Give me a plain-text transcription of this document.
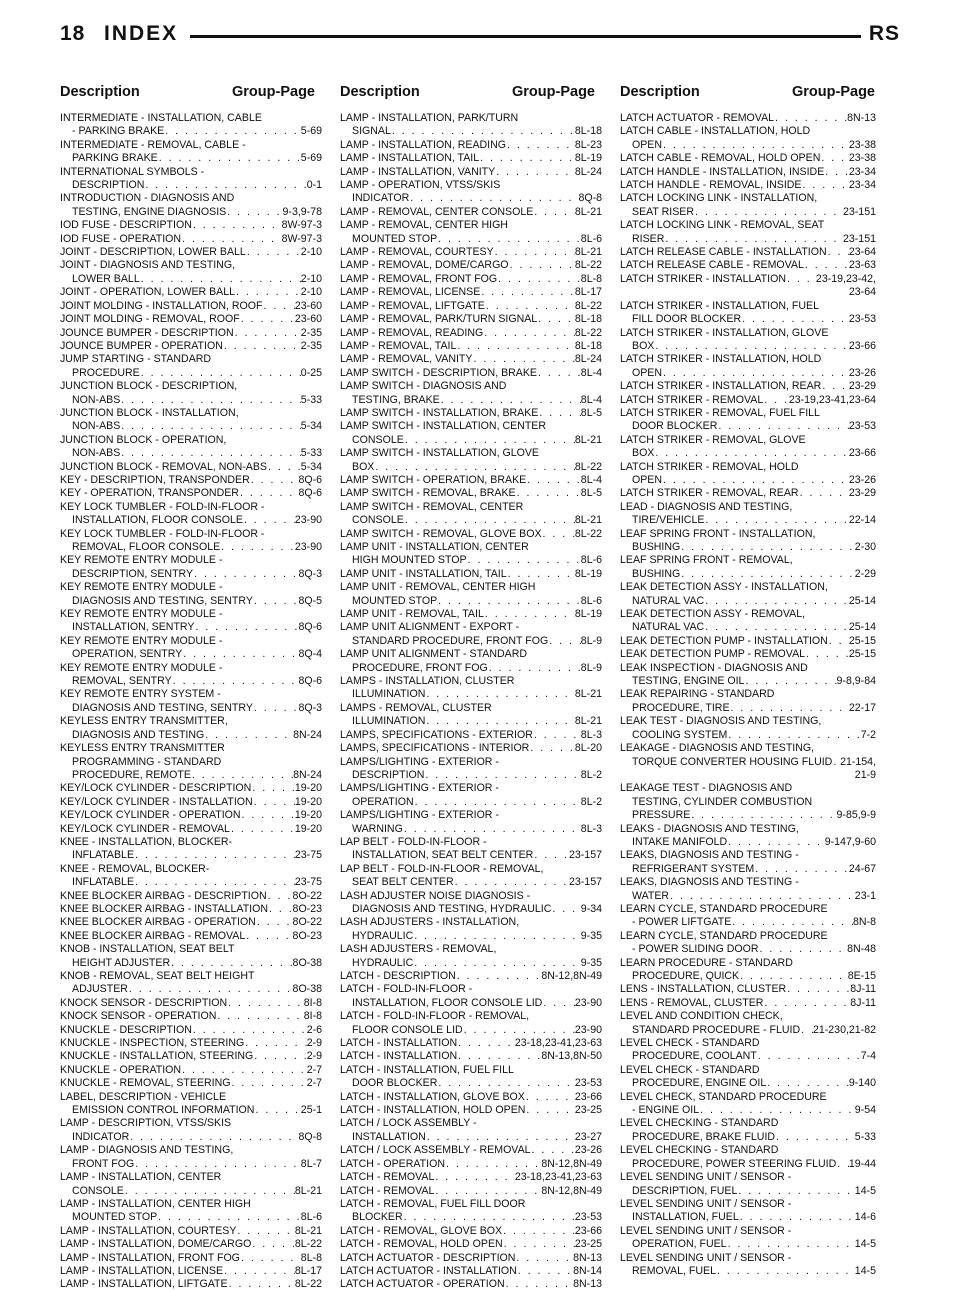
18 INDEX	RS
Description	Group-Page Description	Group-Page Description	Group-Page
INTERMEDIATE - INSTALLATION, CABLE
- PARKING BRAKE . . .	5-69
INTERMEDIATE - REMOVAL, CABLE -
PARKING BRAKE . . .	5-69
INTERNATIONAL SYMBOLS -
DESCRIPTION . . .	0-1
INTRODUCTION - DIAGNOSIS AND
TESTING, ENGINE DIAGNOSIS . . .	9-3,9-78
IOD FUSE - DESCRIPTION . . .	8W-97-3
IOD FUSE - OPERATION . . .	8W-97-3
JOINT - DESCRIPTION, LOWER BALL . . .	2-10
JOINT - DIAGNOSIS AND TESTING,
LOWER BALL . . .	2-10
JOINT - OPERATION, LOWER BALL . . .	2-10
JOINT MOLDING - INSTALLATION, ROOF . . .	23-60
JOINT MOLDING - REMOVAL, ROOF . . .	23-60
JOUNCE BUMPER - DESCRIPTION . . .	2-35
JOUNCE BUMPER - OPERATION . . .	2-35
JUMP STARTING - STANDARD
PROCEDURE . . .	0-25
JUNCTION BLOCK - DESCRIPTION,
NON-ABS . . .	5-33
JUNCTION BLOCK - INSTALLATION,
NON-ABS . . .	5-34
JUNCTION BLOCK - OPERATION,
NON-ABS . . .	5-33
JUNCTION BLOCK - REMOVAL, NON-ABS . . .	5-34
KEY - DESCRIPTION, TRANSPONDER . . .	8Q-6
KEY - OPERATION, TRANSPONDER . . .	8Q-6
KEY LOCK TUMBLER - FOLD-IN-FLOOR -
INSTALLATION, FLOOR CONSOLE . . .	23-90
KEY LOCK TUMBLER - FOLD-IN-FLOOR -
REMOVAL, FLOOR CONSOLE . . .	23-90
KEY REMOTE ENTRY MODULE -
DESCRIPTION, SENTRY . . .	8Q-3
KEY REMOTE ENTRY MODULE -
DIAGNOSIS AND TESTING, SENTRY . . .	8Q-5
KEY REMOTE ENTRY MODULE -
INSTALLATION, SENTRY . . .	8Q-6
KEY REMOTE ENTRY MODULE -
OPERATION, SENTRY . . .	8Q-4
KEY REMOTE ENTRY MODULE -
REMOVAL, SENTRY . . .	8Q-6
KEY REMOTE ENTRY SYSTEM -
DIAGNOSIS AND TESTING, SENTRY . . .	8Q-3
KEYLESS ENTRY TRANSMITTER,
DIAGNOSIS AND TESTING . . .	8N-24
KEYLESS ENTRY TRANSMITTER
PROGRAMMING - STANDARD
PROCEDURE, REMOTE . . .	8N-24
KEY/LOCK CYLINDER - DESCRIPTION . . .	19-20
KEY/LOCK CYLINDER - INSTALLATION . . .	19-20
KEY/LOCK CYLINDER - OPERATION . . .	19-20
KEY/LOCK CYLINDER - REMOVAL . . .	19-20
KNEE - INSTALLATION, BLOCKER-
INFLATABLE . . .	23-75
KNEE - REMOVAL, BLOCKER-
INFLATABLE . . .	23-75
KNEE BLOCKER AIRBAG - DESCRIPTION . . . 8O-22
KNEE BLOCKER AIRBAG - INSTALLATION . . . 8O-23
KNEE BLOCKER AIRBAG - OPERATION . . .	8O-22
KNEE BLOCKER AIRBAG - REMOVAL . . .	8O-23
KNOB - INSTALLATION, SEAT BELT
HEIGHT ADJUSTER . . .	8O-38
KNOB - REMOVAL, SEAT BELT HEIGHT
ADJUSTER . . .	8O-38
KNOCK SENSOR - DESCRIPTION . . .	8I-8
KNOCK SENSOR - OPERATION . . .	8I-8
KNUCKLE - DESCRIPTION . . .	2-6
KNUCKLE - INSPECTION, STEERING . . .	2-9
KNUCKLE - INSTALLATION, STEERING . . .	2-9
KNUCKLE - OPERATION . . .	2-7
KNUCKLE - REMOVAL, STEERING . . .	2-7
LABEL, DESCRIPTION - VEHICLE
EMISSION CONTROL INFORMATION . . .	25-1
LAMP - DESCRIPTION, VTSS/SKIS
INDICATOR . . .	8Q-8
LAMP - DIAGNOSIS AND TESTING,
FRONT FOG . . .	8L-7
LAMP - INSTALLATION, CENTER
CONSOLE . . .	8L-21
LAMP - INSTALLATION, CENTER HIGH
MOUNTED STOP . . .	8L-6
LAMP - INSTALLATION, COURTESY . . .	8L-21
LAMP - INSTALLATION, DOME/CARGO . . .	8L-22
LAMP - INSTALLATION, FRONT FOG . . .	8L-8
LAMP - INSTALLATION, LICENSE . . .	8L-17
LAMP - INSTALLATION, LIFTGATE . . .	8L-22
LAMP - INSTALLATION, PARK/TURN
SIGNAL . . .	8L-18
LAMP - INSTALLATION, READING . . .	8L-23
LAMP - INSTALLATION, TAIL . . .	8L-19
LAMP - INSTALLATION, VANITY . . .	8L-24
LAMP - OPERATION, VTSS/SKIS
INDICATOR . . .	8Q-8
LAMP - REMOVAL, CENTER CONSOLE . . .	8L-21
LAMP - REMOVAL, CENTER HIGH
MOUNTED STOP . . .	8L-6
LAMP - REMOVAL, COURTESY . . .	8L-21
LAMP - REMOVAL, DOME/CARGO . . .	8L-22
LAMP - REMOVAL, FRONT FOG . . .	8L-8
LAMP - REMOVAL, LICENSE . . .	8L-17
LAMP - REMOVAL, LIFTGATE . . .	8L-22
LAMP - REMOVAL, PARK/TURN SIGNAL . . .	8L-18
LAMP - REMOVAL, READING . . .	8L-22
LAMP - REMOVAL, TAIL . . .	8L-18
LAMP - REMOVAL, VANITY . . .	8L-24
LAMP SWITCH - DESCRIPTION, BRAKE . . .	8L-4
LAMP SWITCH - DIAGNOSIS AND
TESTING, BRAKE . . .	8L-4
LAMP SWITCH - INSTALLATION, BRAKE . . .	8L-5
LAMP SWITCH - INSTALLATION, CENTER
CONSOLE . . .	8L-21
LAMP SWITCH - INSTALLATION, GLOVE
BOX . . .	8L-22
LAMP SWITCH - OPERATION, BRAKE . . .	8L-4
LAMP SWITCH - REMOVAL, BRAKE . . .	8L-5
LAMP SWITCH - REMOVAL, CENTER
CONSOLE . . .	8L-21
LAMP SWITCH - REMOVAL, GLOVE BOX . . .	8L-22
LAMP UNIT - INSTALLATION, CENTER
HIGH MOUNTED STOP . . .	8L-6
LAMP UNIT - INSTALLATION, TAIL . . .	8L-19
LAMP UNIT - REMOVAL, CENTER HIGH
MOUNTED STOP . . .	8L-6
LAMP UNIT - REMOVAL, TAIL . . .	8L-19
LAMP UNIT ALIGNMENT - EXPORT -
STANDARD PROCEDURE, FRONT FOG . . .	8L-9
LAMP UNIT ALIGNMENT - STANDARD
PROCEDURE, FRONT FOG . . .	8L-9
LAMPS - INSTALLATION, CLUSTER
ILLUMINATION . . .	8L-21
LAMPS - REMOVAL, CLUSTER
ILLUMINATION . . .	8L-21
LAMPS, SPECIFICATIONS - EXTERIOR . . .	8L-3
LAMPS, SPECIFICATIONS - INTERIOR . . .	8L-20
LAMPS/LIGHTING - EXTERIOR -
DESCRIPTION . . .	8L-2
LAMPS/LIGHTING - EXTERIOR -
OPERATION . . .	8L-2
LAMPS/LIGHTING - EXTERIOR -
WARNING . . .	8L-3
LAP BELT - FOLD-IN-FLOOR -
INSTALLATION, SEAT BELT CENTER . . .	23-157
LAP BELT - FOLD-IN-FLOOR - REMOVAL,
SEAT BELT CENTER . . .	23-157
LASH ADJUSTER NOISE DIAGNOSIS -
DIAGNOSIS AND TESTING, HYDRAULIC . . .	9-34
LASH ADJUSTERS - INSTALLATION,
HYDRAULIC . . .	9-35
LASH ADJUSTERS - REMOVAL,
HYDRAULIC . . .	9-35
LATCH - DESCRIPTION . . .	8N-12,8N-49
LATCH - FOLD-IN-FLOOR -
INSTALLATION, FLOOR CONSOLE LID . . .	23-90
LATCH - FOLD-IN-FLOOR - REMOVAL,
FLOOR CONSOLE LID . . .	23-90
LATCH - INSTALLATION . . .	23-18,23-41,23-63
LATCH - INSTALLATION . . .	8N-13,8N-50
LATCH - INSTALLATION, FUEL FILL
DOOR BLOCKER . . .	23-53
LATCH - INSTALLATION, GLOVE BOX . . .	23-66
LATCH - INSTALLATION, HOLD OPEN . . .	23-25
LATCH / LOCK ASSEMBLY -
INSTALLATION . . .	23-27
LATCH / LOCK ASSEMBLY - REMOVAL . . .	23-26
LATCH - OPERATION . . .	8N-12,8N-49
LATCH - REMOVAL . . .	23-18,23-41,23-63
LATCH - REMOVAL . . .	8N-12,8N-49
LATCH - REMOVAL, FUEL FILL DOOR
BLOCKER . . .	23-53
LATCH - REMOVAL, GLOVE BOX . . .	23-66
LATCH - REMOVAL, HOLD OPEN . . .	23-25
LATCH ACTUATOR - DESCRIPTION . . .	8N-13
LATCH ACTUATOR - INSTALLATION . . .	8N-14
LATCH ACTUATOR - OPERATION . . .	8N-13
LATCH ACTUATOR - REMOVAL . . .	8N-13
LATCH CABLE - INSTALLATION, HOLD
OPEN . . .	23-38
LATCH CABLE - REMOVAL, HOLD OPEN . . .	23-38
LATCH HANDLE - INSTALLATION, INSIDE . . . 23-34
LATCH HANDLE - REMOVAL, INSIDE . . .	23-34
LATCH LOCKING LINK - INSTALLATION,
SEAT RISER . . .	23-151
LATCH LOCKING LINK - REMOVAL, SEAT
RISER . . .	23-151
LATCH RELEASE CABLE - INSTALLATION . . . 23-64
LATCH RELEASE CABLE - REMOVAL . . .	23-63
LATCH STRIKER - INSTALLATION . . .	23-19,23-42,
23-64
LATCH STRIKER - INSTALLATION, FUEL
FILL DOOR BLOCKER . . .	23-53
LATCH STRIKER - INSTALLATION, GLOVE
BOX . . .	23-66
LATCH STRIKER - INSTALLATION, HOLD
OPEN . . .	23-26
LATCH STRIKER - INSTALLATION, REAR . . .	23-29
LATCH STRIKER - REMOVAL . . . 23-19,23-41,23-64
LATCH STRIKER - REMOVAL, FUEL FILL
DOOR BLOCKER . . .	23-53
LATCH STRIKER - REMOVAL, GLOVE
BOX . . .	23-66
LATCH STRIKER - REMOVAL, HOLD
OPEN . . .	23-26
LATCH STRIKER - REMOVAL, REAR . . .	23-29
LEAD - DIAGNOSIS AND TESTING,
TIRE/VEHICLE . . .	22-14
LEAF SPRING FRONT - INSTALLATION,
BUSHING . . .	2-30
LEAF SPRING FRONT - REMOVAL,
BUSHING . . .	2-29
LEAK DETECTION ASSY - INSTALLATION,
NATURAL VAC . . .	25-14
LEAK DETECTION ASSY - REMOVAL,
NATURAL VAC . . .	25-14
LEAK DETECTION PUMP - INSTALLATION . . . 25-15
LEAK DETECTION PUMP - REMOVAL . . .	25-15
LEAK INSPECTION - DIAGNOSIS AND
TESTING, ENGINE OIL . . .	9-8,9-84
LEAK REPAIRING - STANDARD
PROCEDURE, TIRE . . .	22-17
LEAK TEST - DIAGNOSIS AND TESTING,
COOLING SYSTEM . . .	7-2
LEAKAGE - DIAGNOSIS AND TESTING,
TORQUE CONVERTER HOUSING FLUID . . . 21-154,
21-9
LEAKAGE TEST - DIAGNOSIS AND
TESTING, CYLINDER COMBUSTION
PRESSURE . . .	9-85,9-9
LEAKS - DIAGNOSIS AND TESTING,
INTAKE MANIFOLD . . .	9-147,9-60
LEAKS, DIAGNOSIS AND TESTING -
REFRIGERANT SYSTEM . . .	24-67
LEAKS, DIAGNOSIS AND TESTING -
WATER . . .	23-1
LEARN CYCLE, STANDARD PROCEDURE
- POWER LIFTGATE . . .	8N-8
LEARN CYCLE, STANDARD PROCEDURE
- POWER SLIDING DOOR . . .	8N-48
LEARN PROCEDURE - STANDARD
PROCEDURE, QUICK . . .	8E-15
LENS - INSTALLATION, CLUSTER . . .	8J-11
LENS - REMOVAL, CLUSTER . . .	8J-11
LEVEL AND CONDITION CHECK,
STANDARD PROCEDURE - FLUID . . . 21-230,21-82
LEVEL CHECK - STANDARD
PROCEDURE, COOLANT . . .	7-4
LEVEL CHECK - STANDARD
PROCEDURE, ENGINE OIL . . .	9-140
LEVEL CHECK, STANDARD PROCEDURE
- ENGINE OIL . . .	9-54
LEVEL CHECKING - STANDARD
PROCEDURE, BRAKE FLUID . . .	5-33
LEVEL CHECKING - STANDARD
PROCEDURE, POWER STEERING FLUID . . . 19-44
LEVEL SENDING UNIT / SENSOR -
DESCRIPTION, FUEL . . .	14-5
LEVEL SENDING UNIT / SENSOR -
INSTALLATION, FUEL . . .	14-6
LEVEL SENDING UNIT / SENSOR -
OPERATION, FUEL . . .	14-5
LEVEL SENDING UNIT / SENSOR -
REMOVAL, FUEL . . .	14-5
